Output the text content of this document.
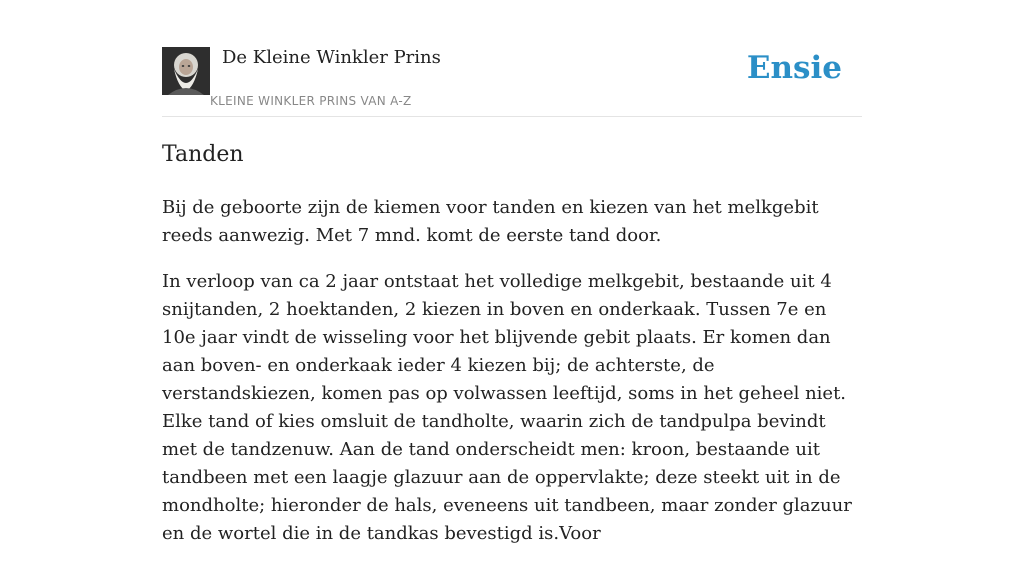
De Kleine Winkler Prins
KLEINE WINKLER PRINS VAN A-Z
Ensie
Tanden

Bij de geboorte zijn de kiemen voor tanden en kiezen van het melkgebit reeds aanwezig. Met 7 mnd. komt de eerste tand door.

In verloop van ca 2 jaar ontstaat het volledige melkgebit, bestaande uit 4 snijtanden, 2 hoektanden, 2 kiezen in boven en onderkaak. Tussen 7e en 10e jaar vindt de wisseling voor het blijvende gebit plaats. Er komen dan aan boven- en onderkaak ieder 4 kiezen bij; de achterste, de verstandskiezen, komen pas op volwassen leeftijd, soms in het geheel niet. Elke tand of kies omsluit de tandholte, waarin zich de tandpulpa bevindt met de tandzenuw. Aan de tand onderscheidt men: kroon, bestaande uit tandbeen met een laagje glazuur aan de oppervlakte; deze steekt uit in de mondholte; hieronder de hals, eveneens uit tandbeen, maar zonder glazuur en de wortel die in de tandkas bevestigd is.Voor
